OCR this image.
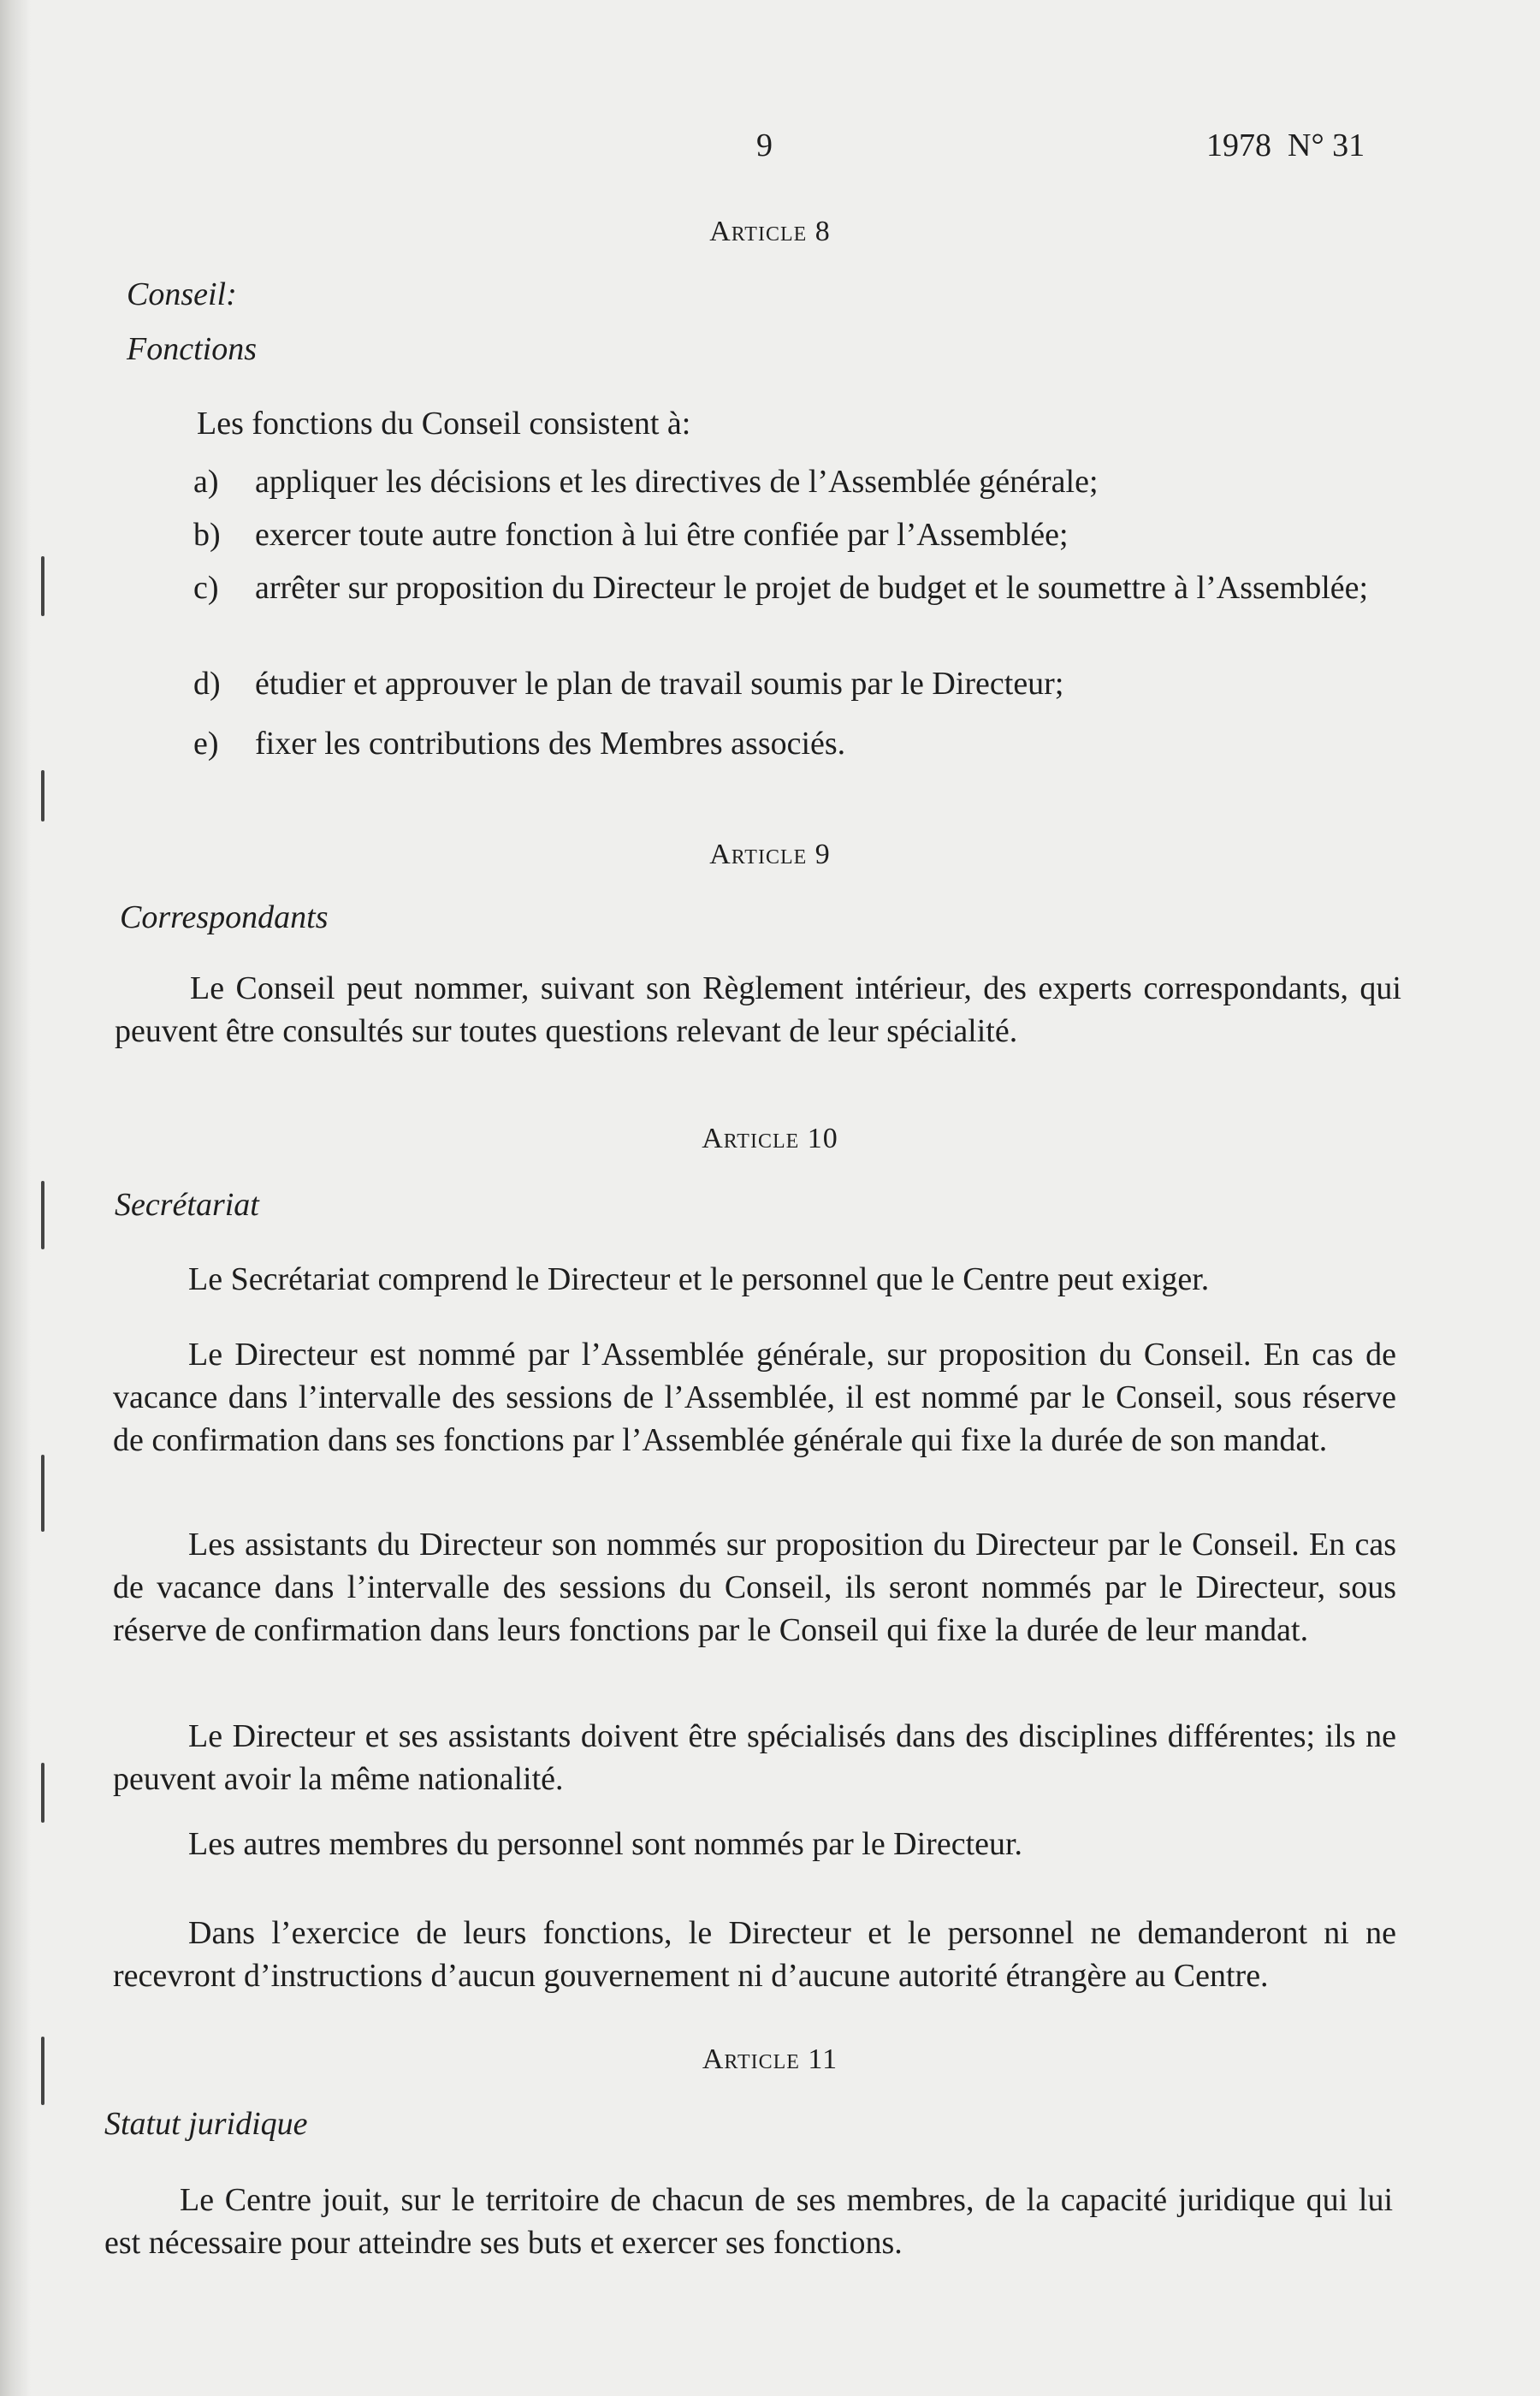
9	1978  N° 31
Article 8
Conseil:
Fonctions
Les fonctions du Conseil consistent à:
a) appliquer les décisions et les directives de l’Assemblée générale;
b) exercer toute autre fonction à lui être confiée par l’Assemblée;
c) arrêter sur proposition du Directeur le projet de budget et le soumettre à l’Assemblée;
d) étudier et approuver le plan de travail soumis par le Directeur;
e) fixer les contributions des Membres associés.
Article 9
Correspondants
Le Conseil peut nommer, suivant son Règlement intérieur, des experts correspondants, qui peuvent être consultés sur toutes questions relevant de leur spécialité.
Article 10
Secrétariat
Le Secrétariat comprend le Directeur et le personnel que le Centre peut exiger.
Le Directeur est nommé par l’Assemblée générale, sur proposition du Conseil. En cas de vacance dans l’intervalle des sessions de l’Assemblée, il est nommé par le Conseil, sous réserve de confirmation dans ses fonctions par l’Assemblée générale qui fixe la durée de son mandat.
Les assistants du Directeur son nommés sur proposition du Directeur par le Conseil. En cas de vacance dans l’intervalle des sessions du Conseil, ils seront nommés par le Directeur, sous réserve de confirmation dans leurs fonctions par le Conseil qui fixe la durée de leur mandat.
Le Directeur et ses assistants doivent être spécialisés dans des disciplines différentes; ils ne peuvent avoir la même nationalité.
Les autres membres du personnel sont nommés par le Directeur.
Dans l’exercice de leurs fonctions, le Directeur et le personnel ne demanderont ni ne recevront d’instructions d’aucun gouvernement ni d’aucune autorité étrangère au Centre.
Article 11
Statut juridique
Le Centre jouit, sur le territoire de chacun de ses membres, de la capacité juridique qui lui est nécessaire pour atteindre ses buts et exercer ses fonctions.
